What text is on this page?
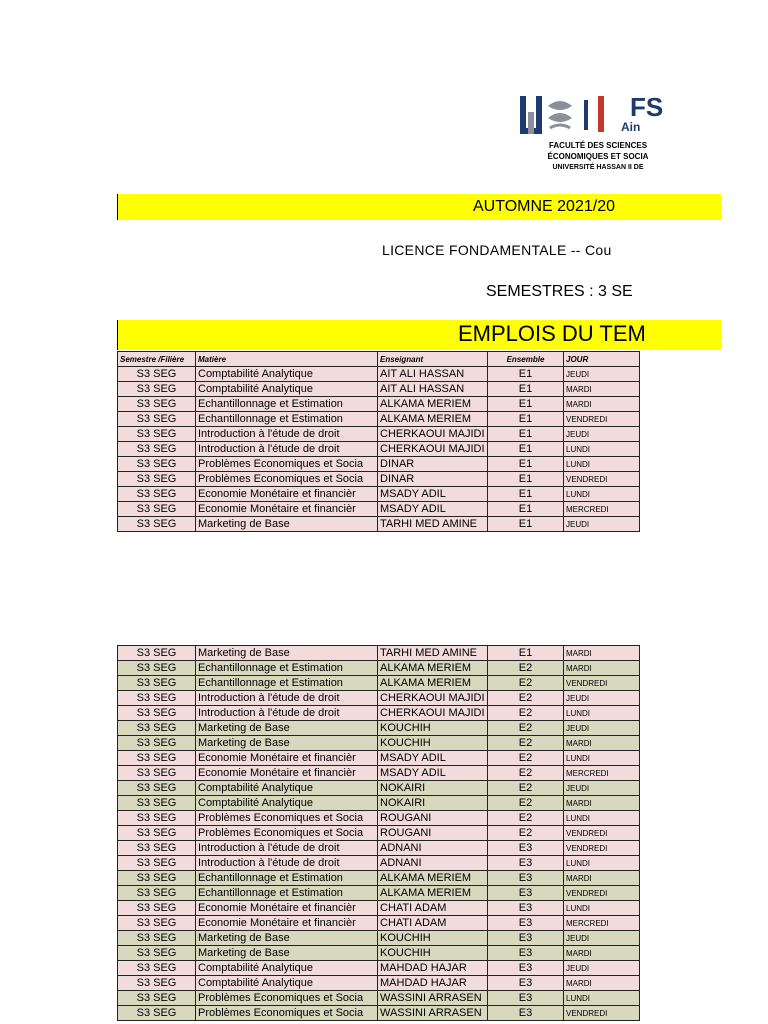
FS
Ain
FACULTÉ DES SCIENCES
ÉCONOMIQUES ET SOCIA
UNIVERSITÉ HASSAN II DE
AUTOMNE 2021/20
LICENCE FONDAMENTALE -- Cou
SEMESTRES : 3 SE
EMPLOIS DU TEM
Semestre /Filière	Matière	Enseignant	Ensemble	JOUR
S3 SEG	Comptabilité Analytique	AIT ALI HASSAN	E1	JEUDI
S3 SEG	Comptabilité Analytique	AIT ALI HASSAN	E1	MARDI
S3 SEG	Echantillonnage et Estimation	ALKAMA MERIEM	E1	MARDI
S3 SEG	Echantillonnage et Estimation	ALKAMA MERIEM	E1	VENDREDI
S3 SEG	Introduction à l'étude de droit	CHERKAOUI MAJIDI	E1	JEUDI
S3 SEG	Introduction à l'étude de droit	CHERKAOUI MAJIDI	E1	LUNDI
S3 SEG	Problèmes Economiques et Socia	DINAR	E1	LUNDI
S3 SEG	Problèmes Economiques et Socia	DINAR	E1	VENDREDI
S3 SEG	Economie Monétaire et financièr	MSADY ADIL	E1	LUNDI
S3 SEG	Economie Monétaire et financièr	MSADY ADIL	E1	MERCREDI
S3 SEG	Marketing de Base	TARHI MED AMINE	E1	JEUDI
S3 SEG	Marketing de Base	TARHI MED AMINE	E1	MARDI
S3 SEG	Echantillonnage et Estimation	ALKAMA MERIEM	E2	MARDI
S3 SEG	Echantillonnage et Estimation	ALKAMA MERIEM	E2	VENDREDI
S3 SEG	Introduction à l'étude de droit	CHERKAOUI MAJIDI	E2	JEUDI
S3 SEG	Introduction à l'étude de droit	CHERKAOUI MAJIDI	E2	LUNDI
S3 SEG	Marketing de Base	KOUCHIH	E2	JEUDI
S3 SEG	Marketing de Base	KOUCHIH	E2	MARDI
S3 SEG	Economie Monétaire et financièr	MSADY ADIL	E2	LUNDI
S3 SEG	Economie Monétaire et financièr	MSADY ADIL	E2	MERCREDI
S3 SEG	Comptabilité Analytique	NOKAIRI	E2	JEUDI
S3 SEG	Comptabilité Analytique	NOKAIRI	E2	MARDI
S3 SEG	Problèmes Economiques et Socia	ROUGANI	E2	LUNDI
S3 SEG	Problèmes Economiques et Socia	ROUGANI	E2	VENDREDI
S3 SEG	Introduction à l'étude de droit	ADNANI	E3	VENDREDI
S3 SEG	Introduction à l'étude de droit	ADNANI	E3	LUNDI
S3 SEG	Echantillonnage et Estimation	ALKAMA MERIEM	E3	MARDI
S3 SEG	Echantillonnage et Estimation	ALKAMA MERIEM	E3	VENDREDI
S3 SEG	Economie Monétaire et financièr	CHATI ADAM	E3	LUNDI
S3 SEG	Economie Monétaire et financièr	CHATI ADAM	E3	MERCREDI
S3 SEG	Marketing de Base	KOUCHIH	E3	JEUDI
S3 SEG	Marketing de Base	KOUCHIH	E3	MARDI
S3 SEG	Comptabilité Analytique	MAHDAD HAJAR	E3	JEUDI
S3 SEG	Comptabilité Analytique	MAHDAD HAJAR	E3	MARDI
S3 SEG	Problèmes Economiques et Socia	WASSINI ARRASEN	E3	LUNDI
S3 SEG	Problèmes Economiques et Socia	WASSINI ARRASEN	E3	VENDREDI
